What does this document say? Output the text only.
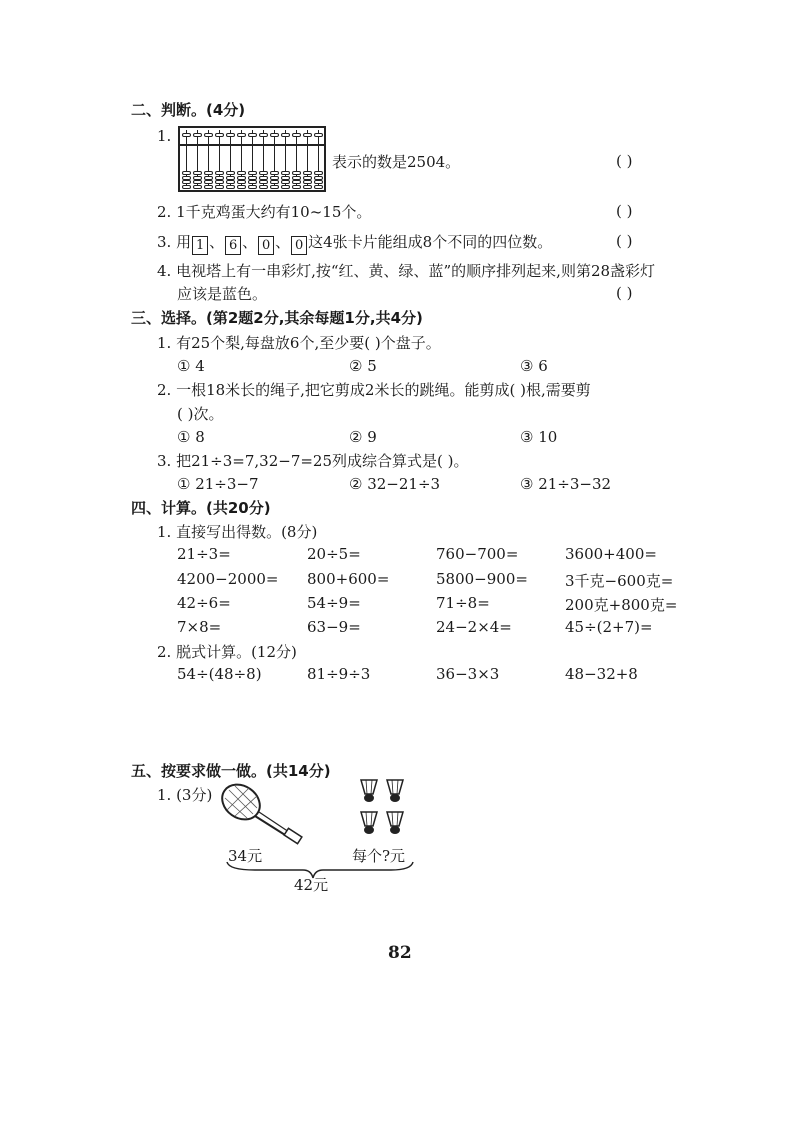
二、判断。(4分)
1.
表示的数是2504。	( )
2. 1千克鸡蛋大约有10~15个。	( )
3. 用 1 、 6 、 0 、 0 这4张卡片能组成8个不同的四位数。	( )
4. 电视塔上有一串彩灯,按“红、黄、绿、蓝”的顺序排列起来,则第28盏彩灯
应该是蓝色。	( )
三、选择。(第2题2分,其余每题1分,共4分)
1. 有25个梨,每盘放6个,至少要( )个盘子。
① 4	② 5	③ 6
2. 一根18米长的绳子,把它剪成2米长的跳绳。能剪成( )根,需要剪
( )次。
① 8	② 9	③ 10
3. 把21÷3=7,32−7=25列成综合算式是( )。
① 21÷3−7	② 32−21÷3	③ 21÷3−32
四、计算。(共20分)
1. 直接写出得数。(8分)
21÷3=	20÷5=	760−700=	3600+400=
4200−2000= 800+600=	5800−900= 3千克−600克=
42÷6=	54÷9=	71÷8=	200克+800克=
7×8=	63−9=	24−2×4=	45÷(2+7)=
2. 脱式计算。(12分)
54÷(48÷8)	81÷9÷3	36−3×3	48−32+8
五、按要求做一做。(共14分)
1. (3分)
34元	每个?元
42元
82
